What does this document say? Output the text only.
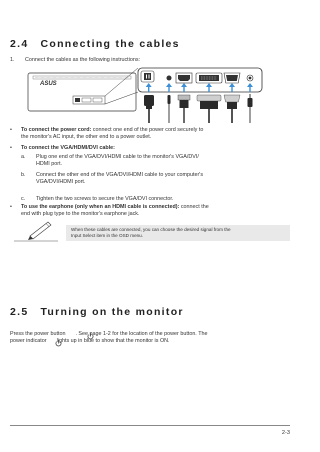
2.4 Connecting the cables
1. Connect the cables as the following instructions:
ASUS
• To connect the power cord: connect one end of the power cord securely to
the monitor's AC input, the other end to a power outlet.
• To connect the VGA/HDMI/DVI cable:
a. Plug one end of the VGA/DVI/HDMI cable to the monitor's VGA/DVI/
HDMI port.
b. Connect the other end of the VGA/DVI/HDMI cable to your computer's
VGA/DVI/HDMI port.
c. Tighten the two screws to secure the VGA/DVI connector.
• To use the earphone (only when an HDMI cable is connected): connect the
end with plug type to the monitor's earphone jack.
When these cables are connected, you can choose the desired signal from the
Input Select item in the OSD menu.
2.5 Turning on the monitor
Press the power button . See page 1-2 for the location of the power button. The
power indicator lights up in blue to show that the monitor is ON.
2-3
